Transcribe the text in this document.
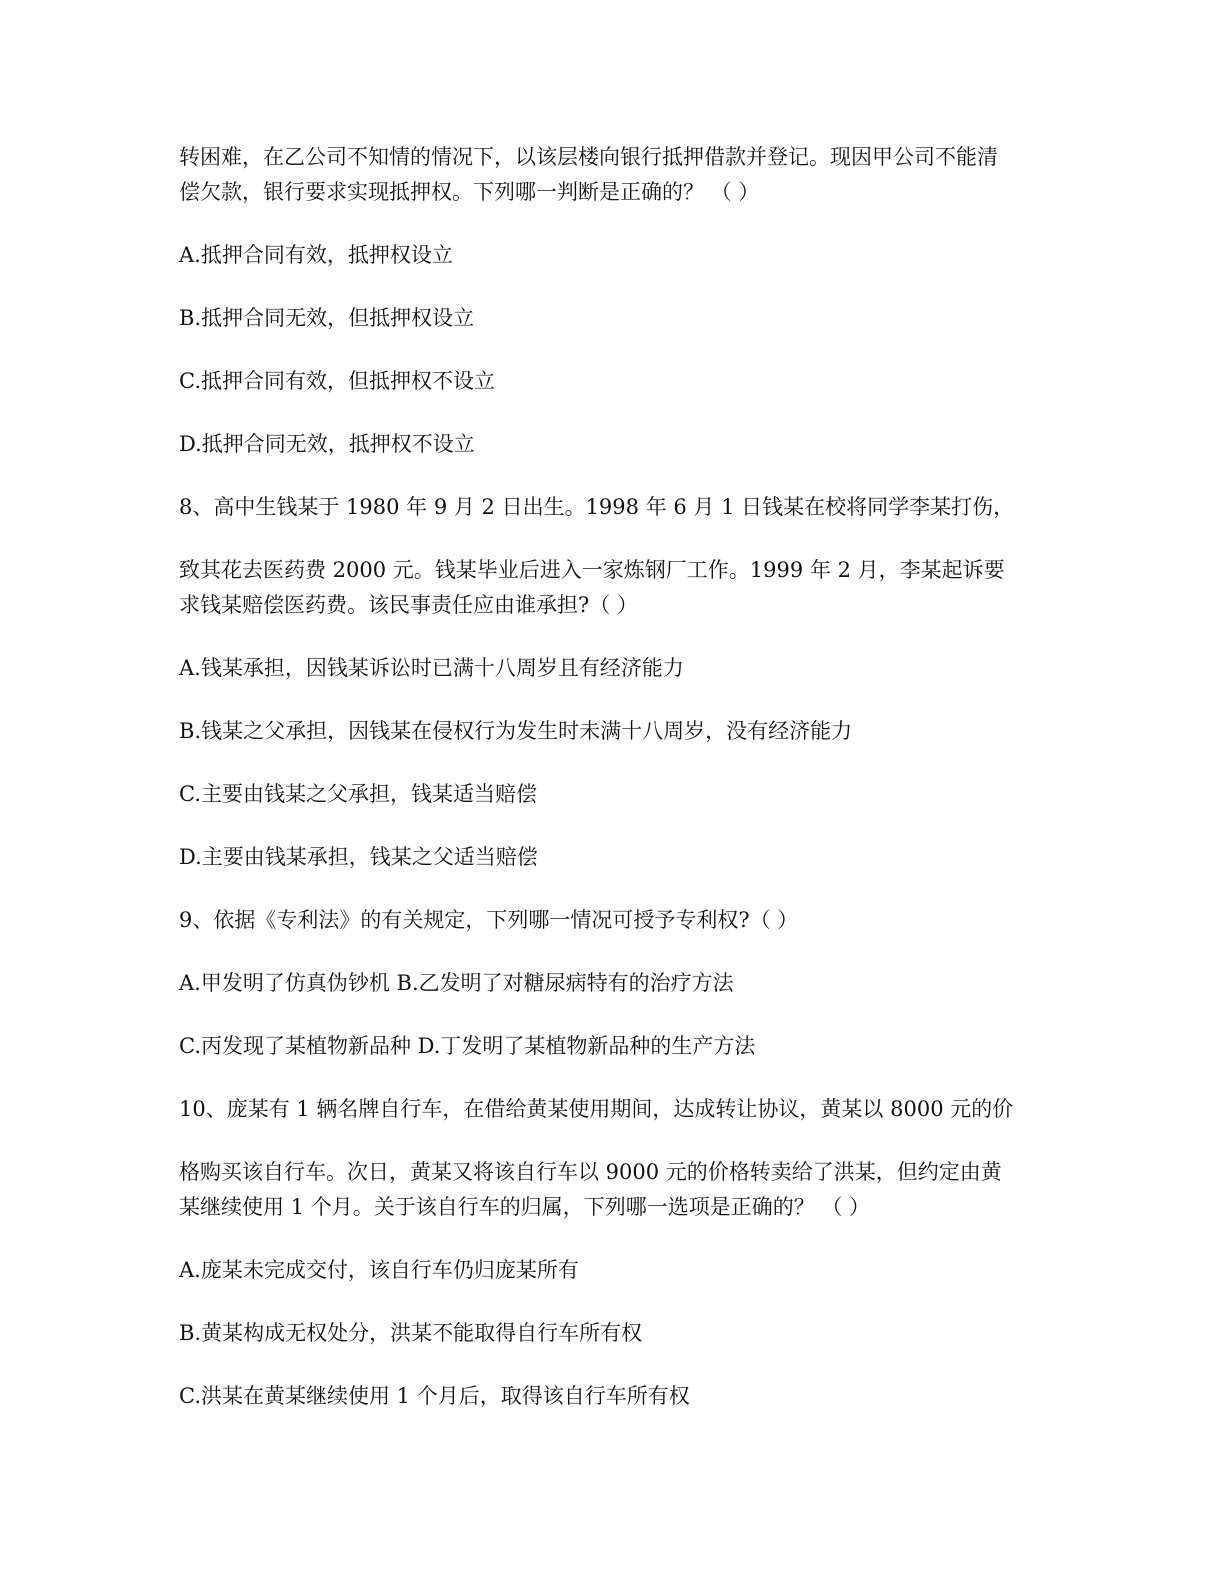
转困难，在乙公司不知情的情况下，以该层楼向银行抵押借款并登记。现因甲公司不能清

偿欠款，银行要求实现抵押权。下列哪一判断是正确的？ （ ）

A.抵押合同有效，抵押权设立

B.抵押合同无效，但抵押权设立

C.抵押合同有效，但抵押权不设立

D.抵押合同无效，抵押权不设立

8、高中生钱某于 1980 年 9 月 2 日出生。1998 年 6 月 1 日钱某在校将同学李某打伤，

致其花去医药费 2000 元。钱某毕业后进入一家炼钢厂工作。1999 年 2 月，李某起诉要

求钱某赔偿医药费。该民事责任应由谁承担?（ ）

A.钱某承担，因钱某诉讼时已满十八周岁且有经济能力

B.钱某之父承担，因钱某在侵权行为发生时未满十八周岁，没有经济能力

C.主要由钱某之父承担，钱某适当赔偿

D.主要由钱某承担，钱某之父适当赔偿

9、依据《专利法》的有关规定，下列哪一情况可授予专利权?（ ）

A.甲发明了仿真伪钞机 B.乙发明了对糖尿病特有的治疗方法

C.丙发现了某植物新品种 D.丁发明了某植物新品种的生产方法

10、庞某有 1 辆名牌自行车，在借给黄某使用期间，达成转让协议，黄某以 8000 元的价

格购买该自行车。次日，黄某又将该自行车以 9000 元的价格转卖给了洪某，但约定由黄

某继续使用 1 个月。关于该自行车的归属，下列哪一选项是正确的？ （ ）

A.庞某未完成交付，该自行车仍归庞某所有

B.黄某构成无权处分，洪某不能取得自行车所有权

C.洪某在黄某继续使用 1 个月后，取得该自行车所有权
